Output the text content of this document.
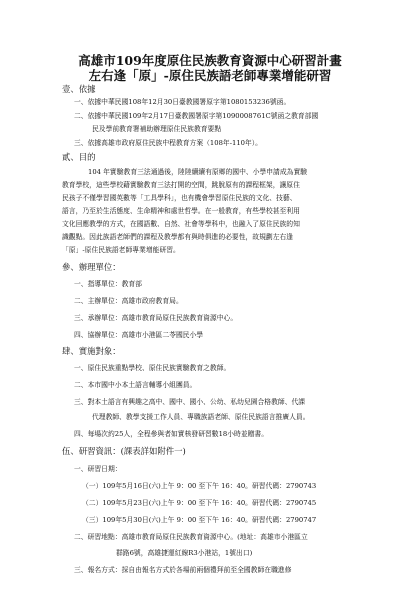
高雄市109年度原住民族教育資源中心研習計畫
左右逢「原」-原住民族語老師專業增能研習
壹、依據
一、依據中華民國108年12月30日臺教國署原字第1080153236號函。
二、依據中華民國109年2月17日臺教國署原字第1090008761C號函之教育部國
民及學前教育署補助辦理原住民族教育要點
三、依據高雄市政府原住民族中程教育方案（108年-110年）。
貳、目的
104 年實驗教育三法通過後，陸陸續續有原鄉的國中、小學申請成為實驗
教育學校，這些學校藉實驗教育三法打開的空間，跳脫原有的課程框架，讓原住
民孩子不僅學習國英數等「工具學科」，也有機會學習原住民族的文化、技藝、
語言，乃至於生活態度、生命精神和處世哲學。在一般教育，有些學校甚至利用
文化回應教學的方式，在國語數、自然、社會等學科中，也融入了原住民族的知
識觀點。因此族語老師們的課程及教學都有與時俱進的必要性，故規劃左右逢
「原」-原住民族語老師專業增能研習。
參、辦理單位：
一、指導單位：教育部
二、主辦單位：高雄市政府教育局。
三、承辦單位：高雄市教育局原住民族教育資源中心。
四、協辦單位：高雄市小港區二苓國民小學
肆、實施對象：
一、原住民族重點學校、原住民族實驗教育之教師。
二、本市國中小本土語言輔導小組團員。
三、對本土語言有興趣之高中、國中、國小、公幼、私幼兒園合格教師、代課
代理教師、教學支援工作人員、專職族語老師、原住民族語言推廣人員。
四、每場次約25人，全程參與者如實核發研習數18小時並贈書。
伍、研習資訊：(課表詳如附件一)
一、研習日期：
（一）109年5月16日(六)上午 9：00 至下午 16：40。研習代碼：2790743
（二）109年5月23日(六)上午 9：00 至下午 16：40。研習代碼：2790745
（三）109年5月30日(六)上午 9：00 至下午 16：40。研習代碼：2790747
二、研習地點：高雄市教育局原住民族教育資源中心。(地址：高雄市小港區立
群路6號，高雄捷運紅線R3小港站，1號出口)
三、報名方式：採自由報名方式於各場前兩個禮拜前至全國教師在職進修
